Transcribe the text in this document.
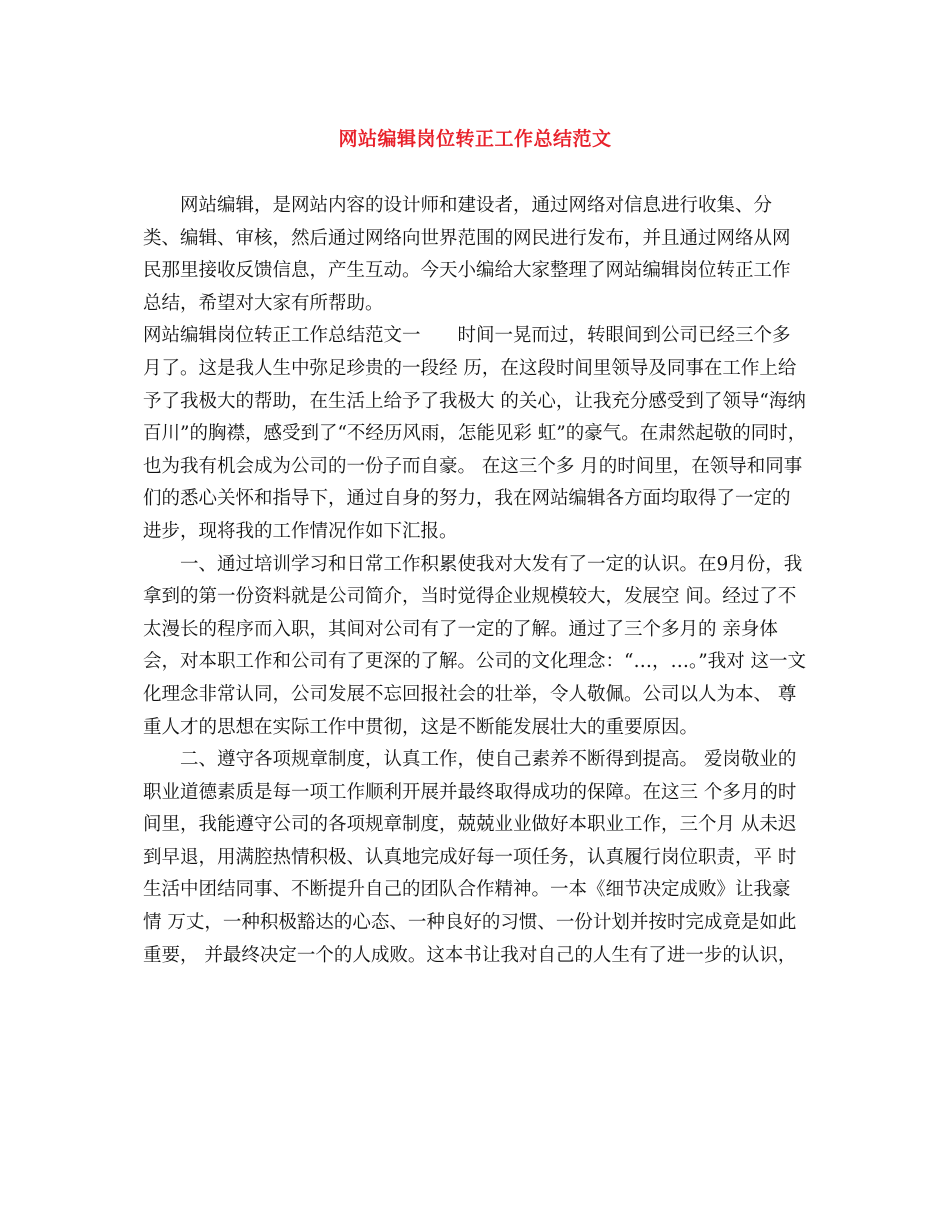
网站编辑岗位转正工作总结范文

网站编辑，是网站内容的设计师和建设者，通过网络对信息进行收集、分类、编辑、审核，然后通过网络向世界范围的网民进行发布，并且通过网络从网民那里接收反馈信息，产生互动。今天小编给大家整理了网站编辑岗位转正工作总结，希望对大家有所帮助。

网站编辑岗位转正工作总结范文一　　时间一晃而过，转眼间到公司已经三个多月了。这是我人生中弥足珍贵的一段经 历，在这段时间里领导及同事在工作上给予了我极大的帮助，在生活上给予了我极大 的关心，让我充分感受到了领导“海纳百川”的胸襟，感受到了“不经历风雨，怎能见彩 虹”的豪气。在肃然起敬的同时，也为我有机会成为公司的一份子而自豪。 在这三个多 月的时间里，在领导和同事们的悉心关怀和指导下，通过自身的努力，我在网站编辑各方面均取得了一定的进步，现将我的工作情况作如下汇报。

一、通过培训学习和日常工作积累使我对大发有了一定的认识。在9月份，我拿到的第一份资料就是公司简介，当时觉得企业规模较大，发展空 间。经过了不太漫长的程序而入职，其间对公司有了一定的了解。通过了三个多月的 亲身体会，对本职工作和公司有了更深的了解。公司的文化理念：“…，…。”我对 这一文化理念非常认同，公司发展不忘回报社会的壮举，令人敬佩。公司以人为本、 尊重人才的思想在实际工作中贯彻，这是不断能发展壮大的重要原因。

二、遵守各项规章制度，认真工作，使自己素养不断得到提高。 爱岗敬业的职业道德素质是每一项工作顺利开展并最终取得成功的保障。在这三 个多月的时间里，我能遵守公司的各项规章制度，兢兢业业做好本职业工作，三个月 从未迟到早退，用满腔热情积极、认真地完成好每一项任务，认真履行岗位职责，平 时生活中团结同事、不断提升自己的团队合作精神。一本《细节决定成败》让我豪情 万丈，一种积极豁达的心态、一种良好的习惯、一份计划并按时完成竟是如此重要， 并最终决定一个的人成败。这本书让我对自己的人生有了进一步的认识，
